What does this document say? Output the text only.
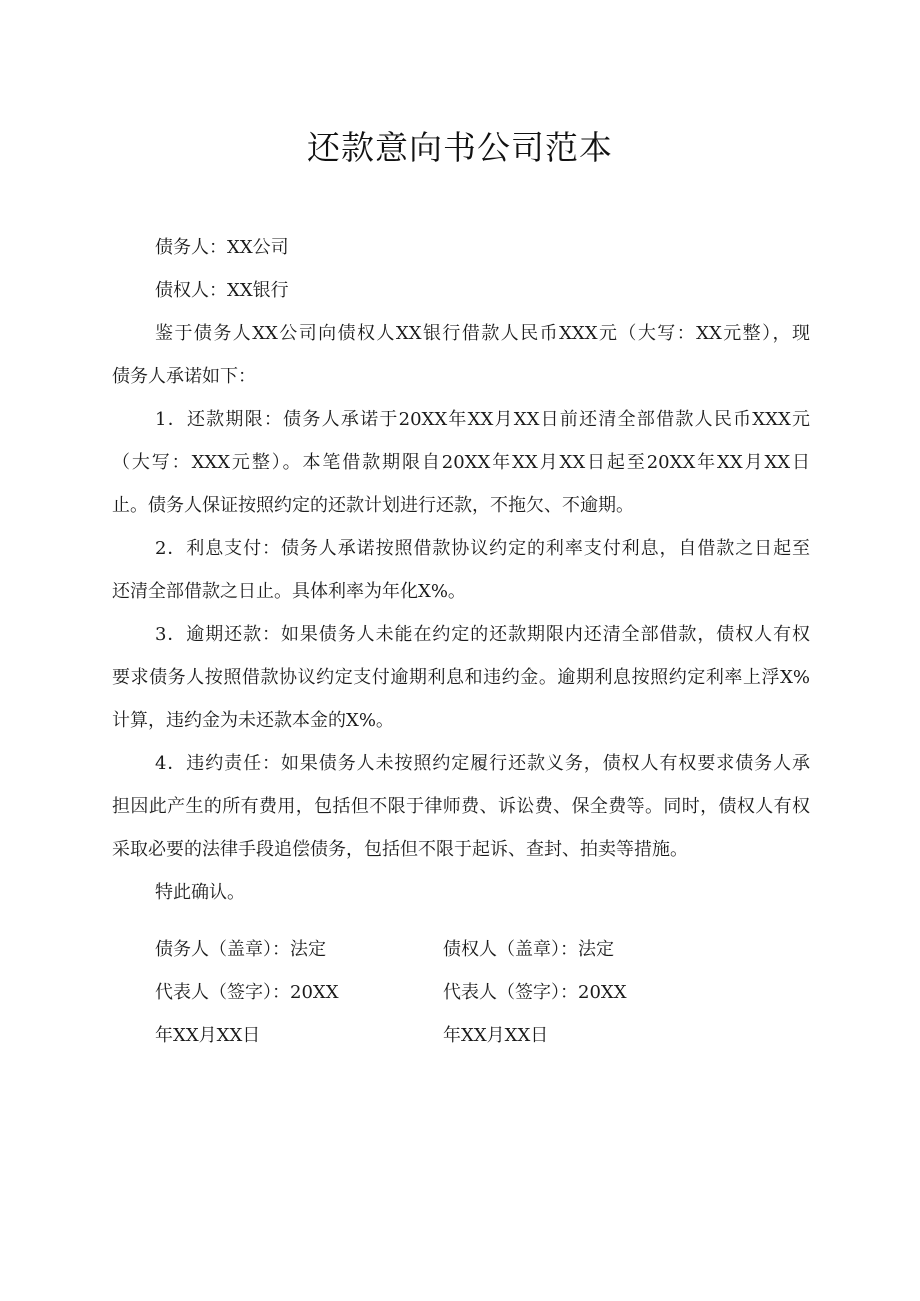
还款意向书公司范本

债务人：XX公司

债权人：XX银行

鉴于债务人XX公司向债权人XX银行借款人民币XXX元（大写：XX元整），现

债务人承诺如下：

1．还款期限：债务人承诺于20XX年XX月XX日前还清全部借款人民币XXX元

（大写：XXX元整）。本笔借款期限自20XX年XX月XX日起至20XX年XX月XX日

止。债务人保证按照约定的还款计划进行还款，不拖欠、不逾期。

2．利息支付：债务人承诺按照借款协议约定的利率支付利息，自借款之日起至

还清全部借款之日止。具体利率为年化X%。

3．逾期还款：如果债务人未能在约定的还款期限内还清全部借款，债权人有权

要求债务人按照借款协议约定支付逾期利息和违约金。逾期利息按照约定利率上浮X%

计算，违约金为未还款本金的X%。

4．违约责任：如果债务人未按照约定履行还款义务，债权人有权要求债务人承

担因此产生的所有费用，包括但不限于律师费、诉讼费、保全费等。同时，债权人有权

采取必要的法律手段追偿债务，包括但不限于起诉、查封、拍卖等措施。

特此确认。

债务人（盖章）：法定	债权人（盖章）：法定
代表人（签字）：20XX	代表人（签字）：20XX
年XX月XX日	年XX月XX日
